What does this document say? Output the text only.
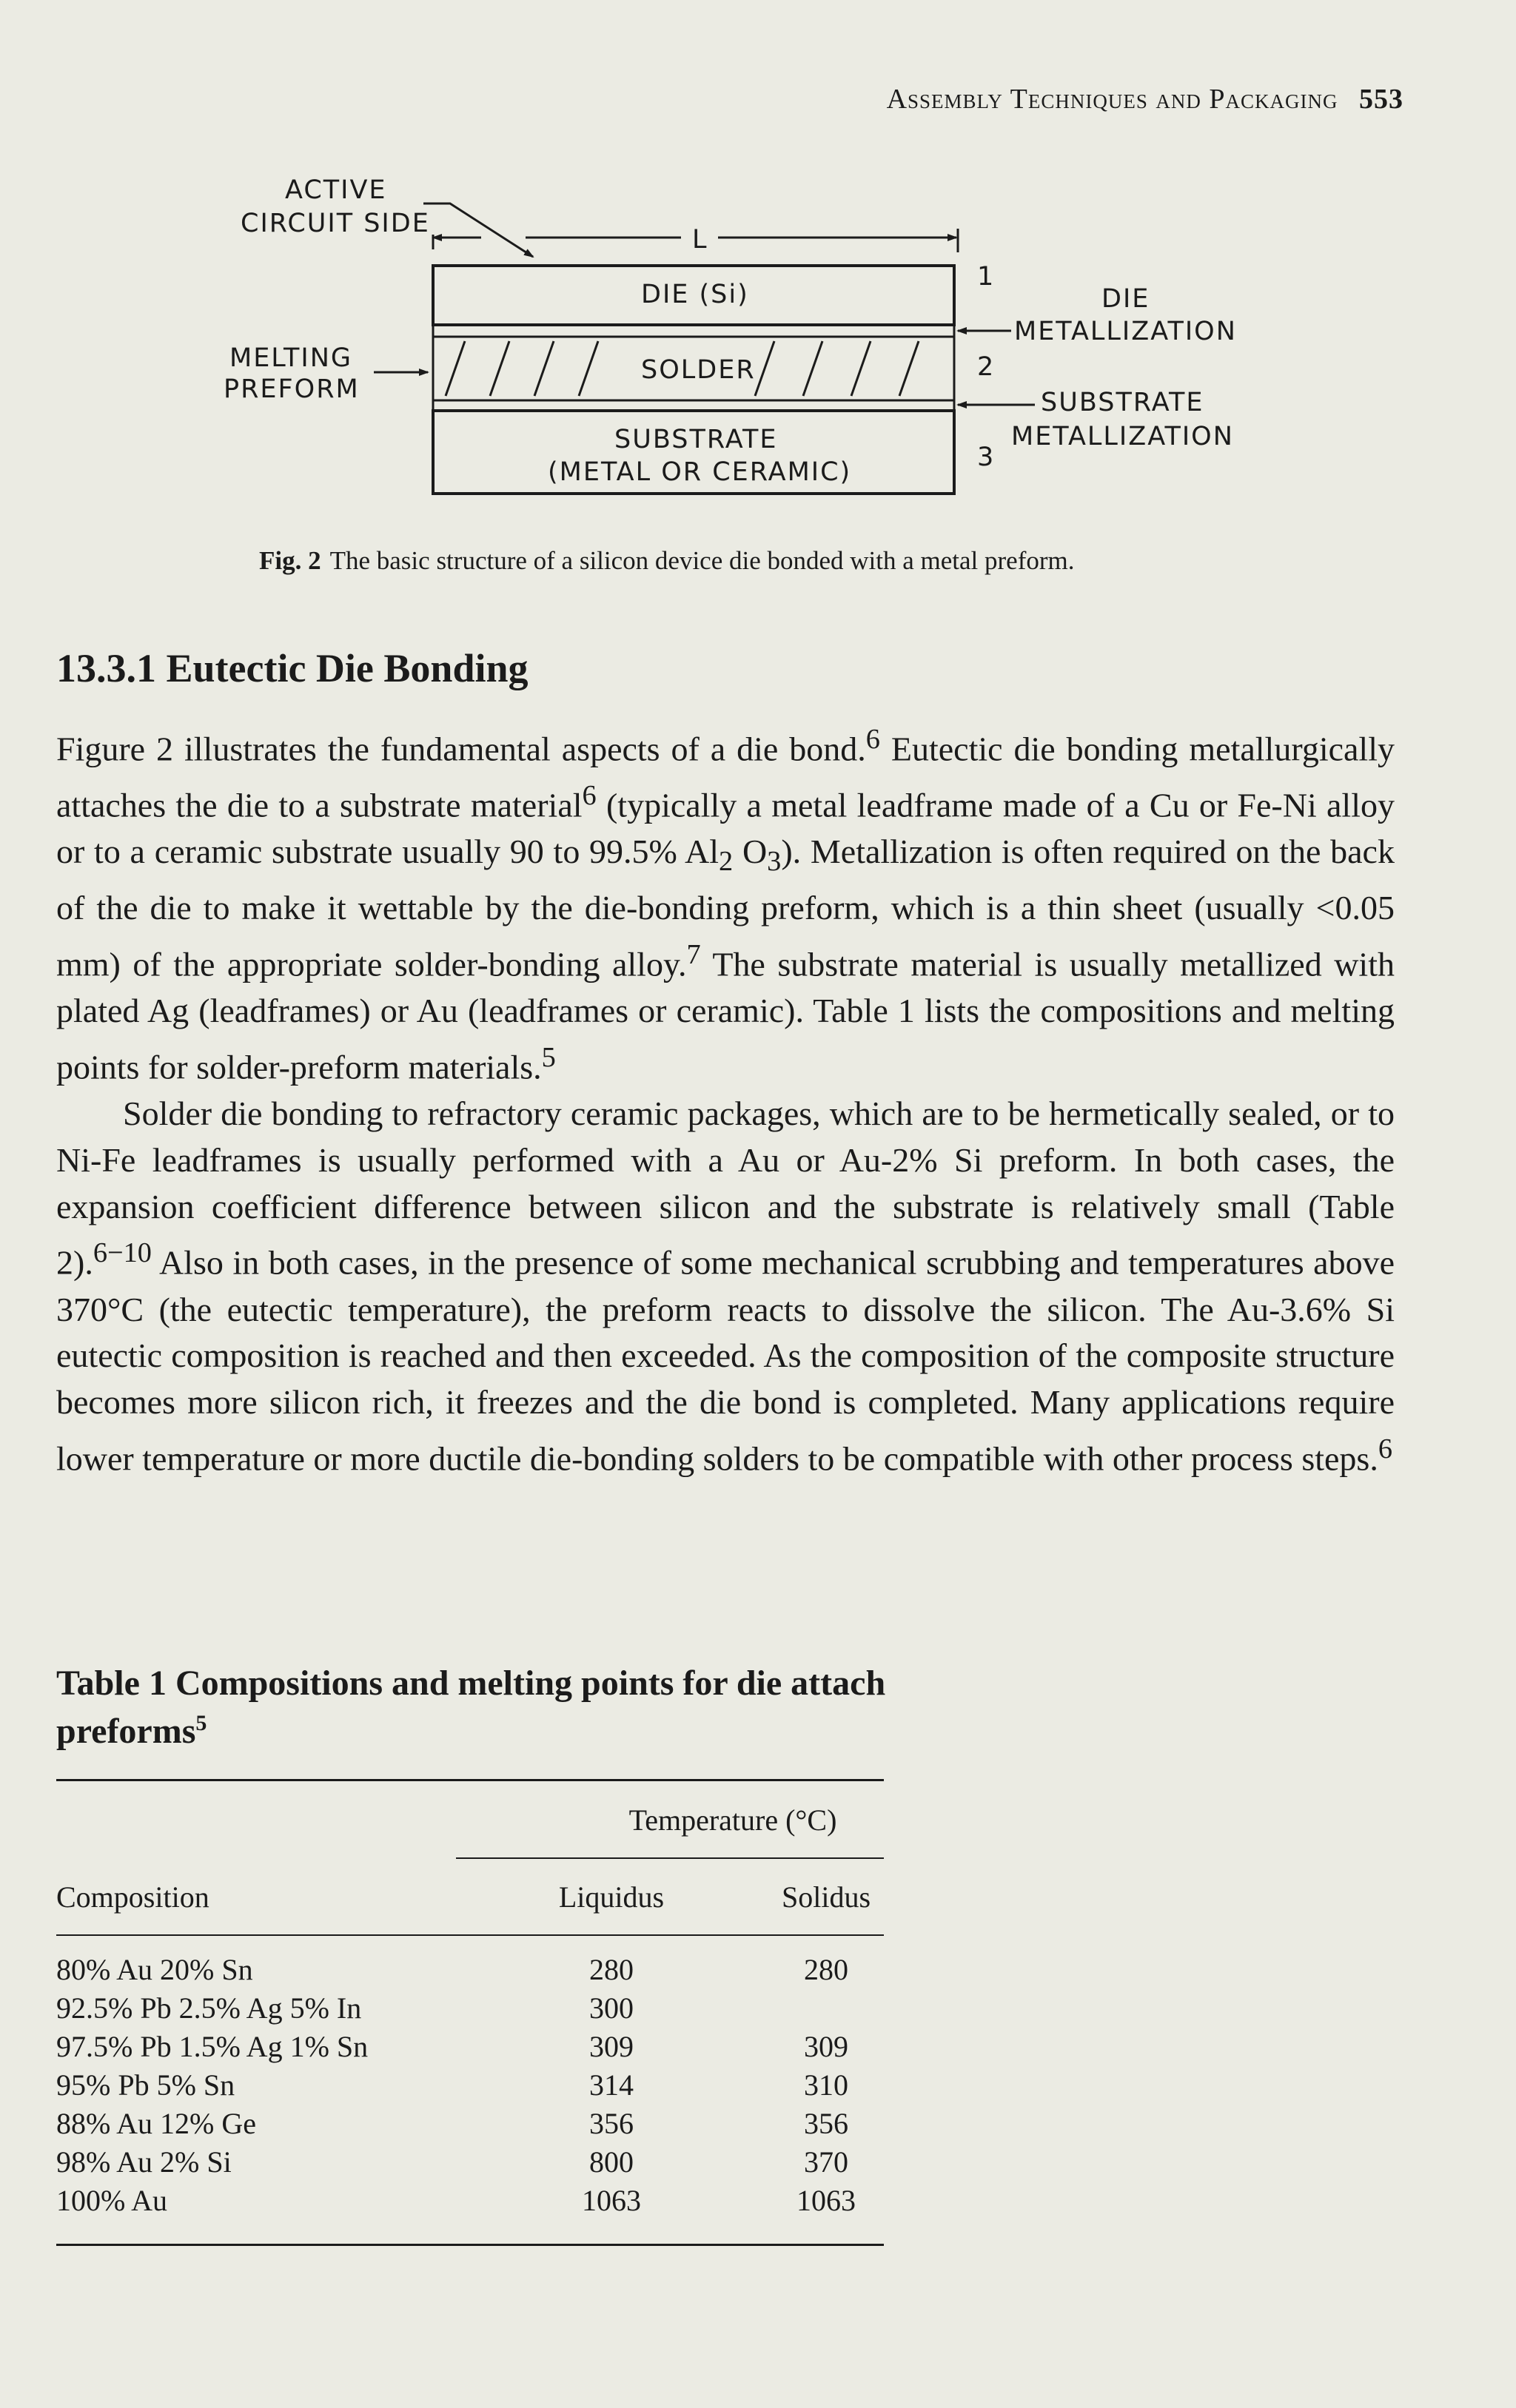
Assembly Techniques and Packaging 553
ACTIVE
CIRCUIT SIDE
L
DIE (Si)
SOLDER
SUBSTRATE
(METAL OR CERAMIC)
MELTING
PREFORM
1
2
3
DIE
METALLIZATION
SUBSTRATE
METALLIZATION
Fig. 2 The basic structure of a silicon device die bonded with a metal preform.
13.3.1 Eutectic Die Bonding

Figure 2 illustrates the fundamental aspects of a die bond.$^6$ Eutectic die bonding metallurgically attaches the die to a substrate material$^6$ (typically a metal leadframe made of a Cu or Fe-Ni alloy or to a ceramic substrate usually 90 to 99.5% $Al_2$ $O_3$). Metallization is often required on the back of the die to make it wettable by the die-bonding preform, which is a thin sheet (usually <0.05 mm) of the appropriate solder-bonding alloy.$^7$ The substrate material is usually metallized with plated Ag (leadframes) or Au (leadframes or ceramic). Table 1 lists the compositions and melting points for solder-preform materials.$^5$

Solder die bonding to refractory ceramic packages, which are to be hermetically sealed, or to Ni-Fe leadframes is usually performed with a Au or Au-2% Si preform. In both cases, the expansion coefficient difference between silicon and the substrate is relatively small (Table 2).$^{6-10}$ Also in both cases, in the presence of some mechanical scrubbing and temperatures above 370°C (the eutectic temperature), the preform reacts to dissolve the silicon. The Au-3.6% Si eutectic composition is reached and then exceeded. As the composition of the composite structure becomes more silicon rich, it freezes and the die bond is completed. Many applications require lower temperature or more ductile die-bonding solders to be compatible with other process steps.$^6$

Table 1 Compositions and melting points for die attach preforms$^5$
Temperature (°C)
Composition	Liquidus	Solidus
80% Au 20% Sn	280	280
92.5% Pb 2.5% Ag 5% In	300
97.5% Pb 1.5% Ag 1% Sn	309	309
95% Pb 5% Sn	314	310
88% Au 12% Ge	356	356
98% Au 2% Si	800	370
100% Au	1063	1063
